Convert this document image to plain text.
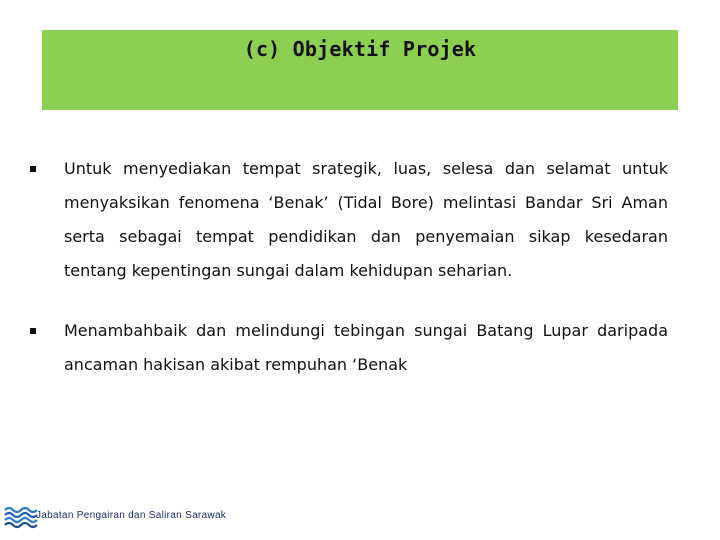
(c) Objektif Projek
Untuk menyediakan tempat srategik, luas, selesa dan selamat untuk menyaksikan fenomena ‘Benak’ (Tidal Bore) melintasi Bandar Sri Aman serta sebagai tempat pendidikan dan penyemaian sikap kesedaran tentang kepentingan sungai dalam kehidupan seharian.
Menambahbaik dan melindungi tebingan sungai Batang Lupar daripada ancaman hakisan akibat rempuhan ‘Benak
Jabatan Pengairan dan Saliran Sarawak
